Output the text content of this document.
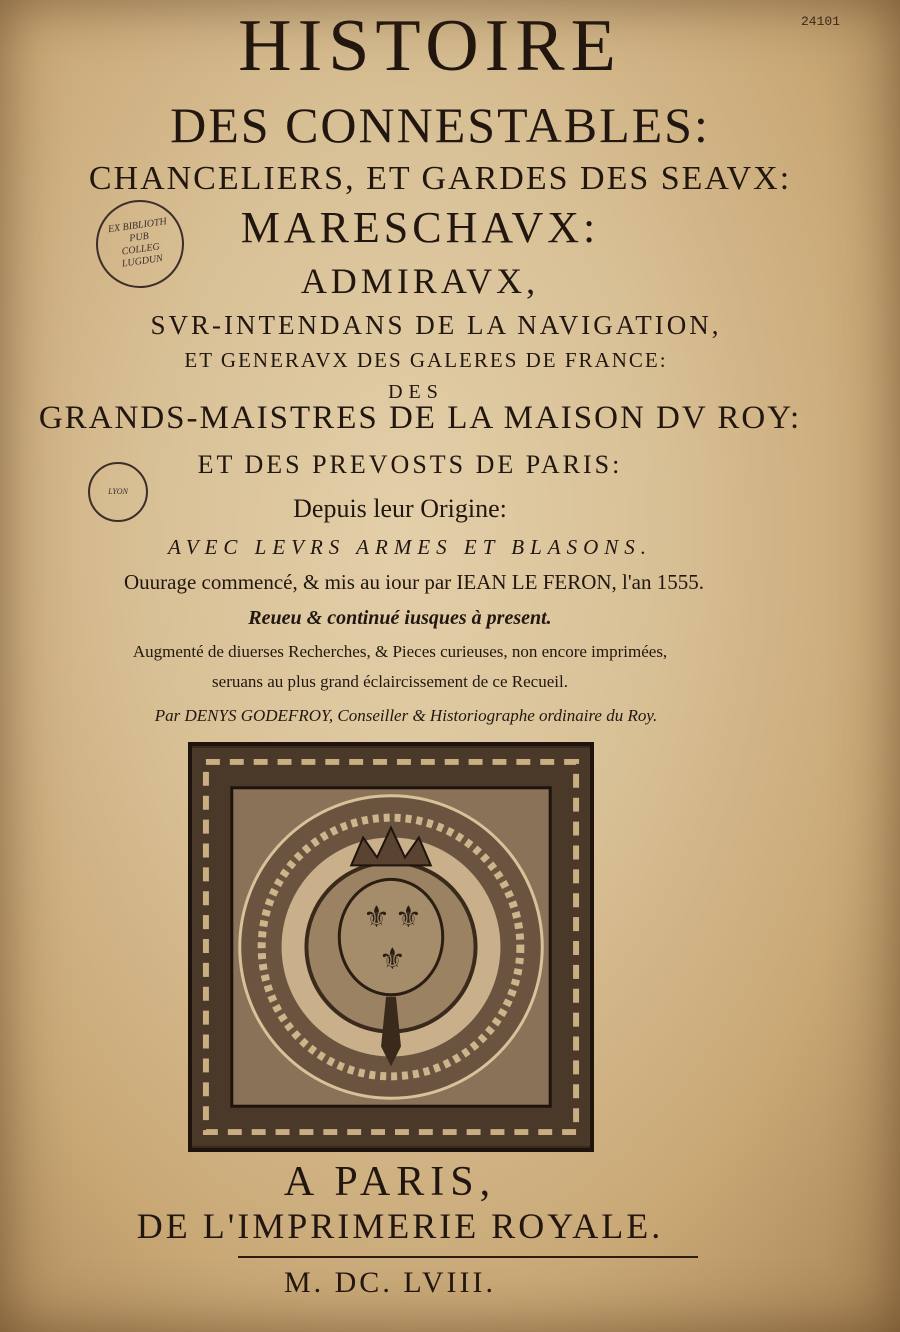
24101
EX BIBLIOTH PUB COLLEG LUGDUN
LYON
HISTOIRE
DES CONNESTABLES:
CHANCELIERS, ET GARDES DES SEAVX:
MARESCHAVX:
ADMIRAVX,
SVR-INTENDANS DE LA NAVIGATION,
ET GENERAVX DES GALERES DE FRANCE:
DES
GRANDS-MAISTRES DE LA MAISON DV ROY:
ET DES PREVOSTS DE PARIS:
Depuis leur Origine:
AVEC LEVRS ARMES ET BLASONS.
Ouurage commencé, & mis au iour par IEAN LE FERON, l'an 1555.
Reueu & continué iusques à present.
Augmenté de diuerses Recherches, & Pieces curieuses, non encore imprimées,
seruans au plus grand éclaircissement de ce Recueil.
Par DENYS GODEFROY, Conseiller & Historiographe ordinaire du Roy.
⚜ ⚜
⚜
A PARIS,
DE L'IMPRIMERIE ROYALE.
M. DC. LVIII.
